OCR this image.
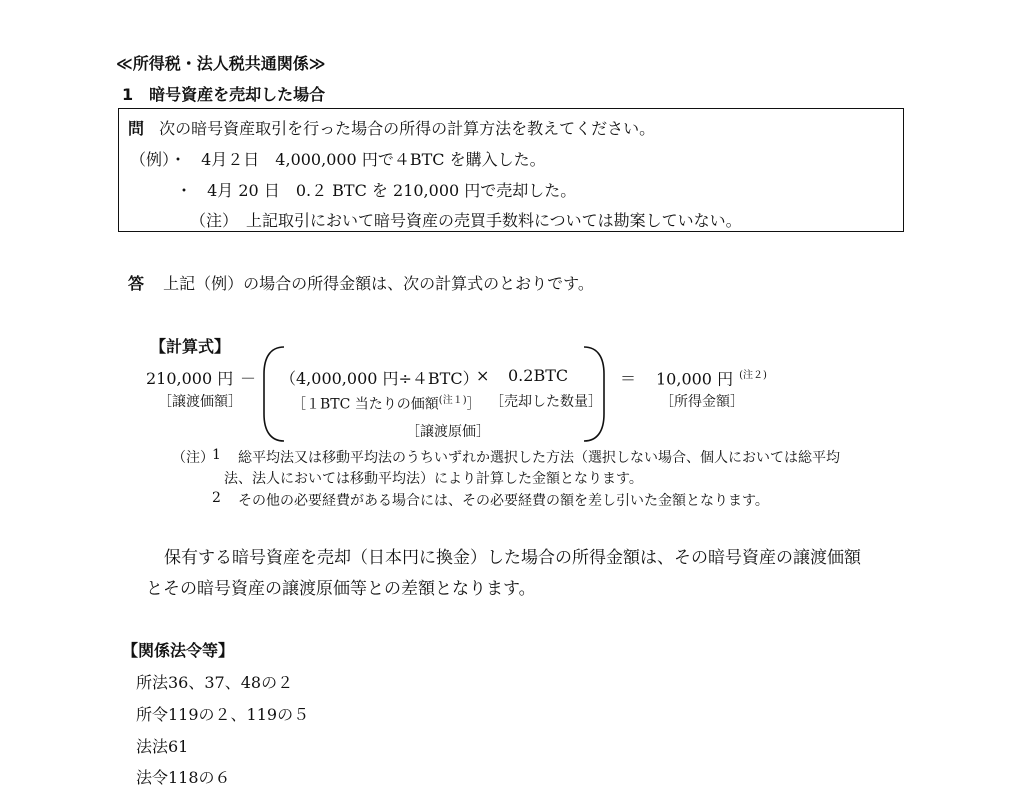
≪所得税・法人税共通関係≫
1　暗号資産を売却した場合
問 次の暗号資産取引を行った場合の所得の計算方法を教えてください。
（例）・ 4月２日　4,000,000 円で４BTC を購入した。
・ 4月 20 日　0.２ BTC を 210,000 円で売却した。
（注）　上記取引において暗号資産の売買手数料については勘案していない。
答 上記（例）の場合の所得金額は、次の計算式のとおりです。
【計算式】
210,000 円 －
［譲渡価額］
（4,000,000 円÷４BTC）
× 0.2BTC
［１BTC 当たりの価額$^{(注1)}$］ ［売却した数量］
［譲渡原価］
＝ 10,000 円 $^{(注2)}$
［所得金額］
（注）
1 総平均法又は移動平均法のうちいずれか選択した方法（選択しない場合、個人においては総平均
法、法人においては移動平均法）により計算した金額となります。
2 その他の必要経費がある場合には、その必要経費の額を差し引いた金額となります。
保有する暗号資産を売却（日本円に換金）した場合の所得金額は、その暗号資産の譲渡価額
とその暗号資産の譲渡原価等との差額となります。
【関係法令等】
所法36、37、48の２
所令119の２、119の５
法法61
法令118の６
